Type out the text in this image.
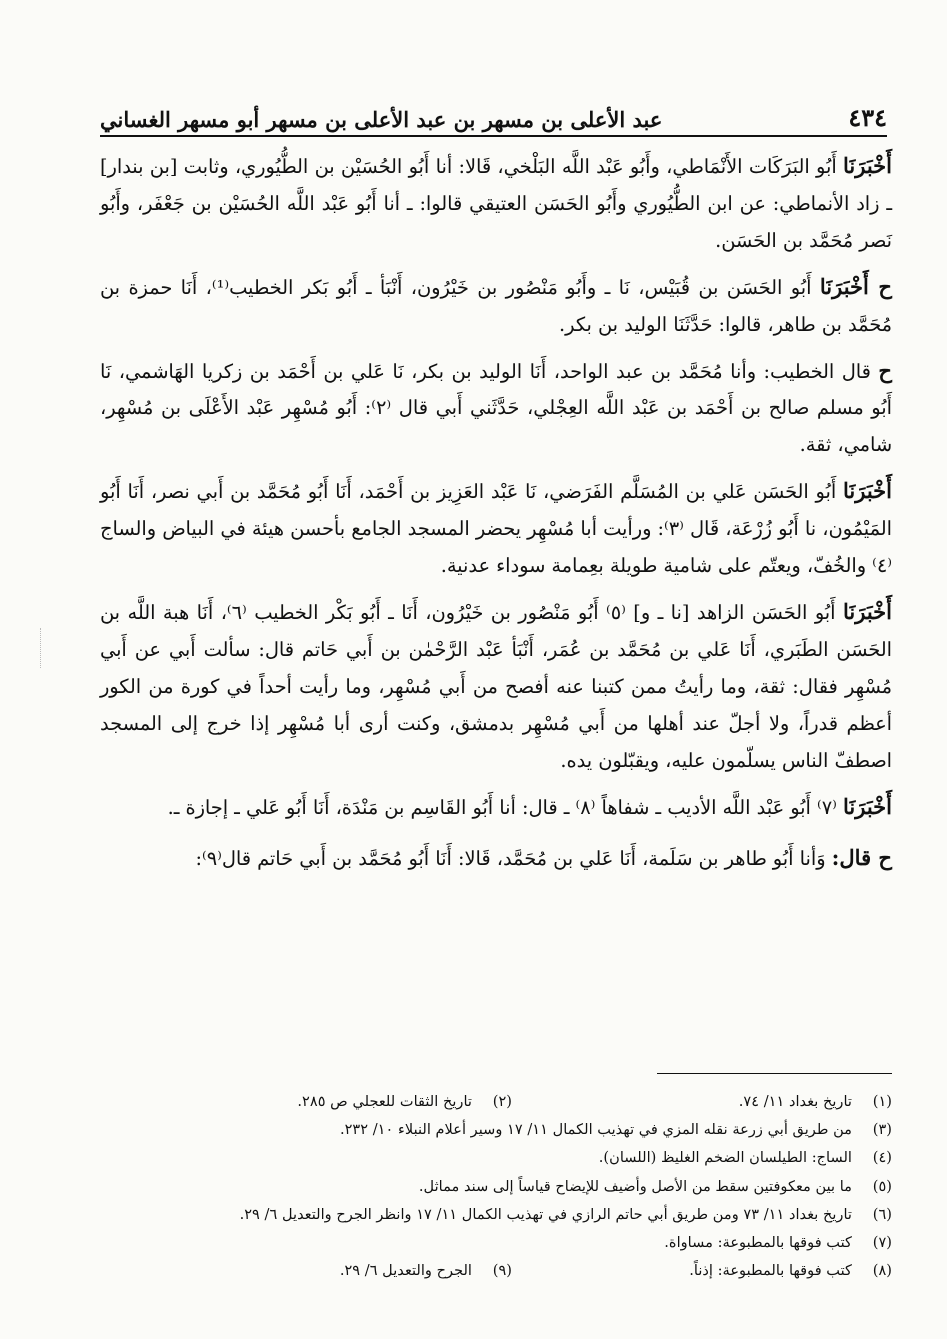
٤٣٤
عبد الأعلى بن مسهر بن عبد الأعلى بن مسهر أبو مسهر الغساني

أَخْبَرَنَا أَبُو البَرَكَات الأَنْمَاطي، وأَبُو عَبْد اللَّه البَلْخي، قَالا: أنا أَبُو الحُسَيْن بن الطُّيُوري، وثابت [بن بندار] ـ زاد الأنماطي: عن ابن الطُّيُوري وأَبُو الحَسَن العتيقي قالوا: ـ أنا أَبُو عَبْد اللَّه الحُسَيْن بن جَعْفَر، وأَبُو نَصر مُحَمَّد بن الحَسَن.

ح أَخْبَرَنَا أَبُو الحَسَن بن قُبَيْس، نَا ـ وأَبُو مَنْصُور بن خَيْرُون، أَنْبَأ ـ أَبُو بَكر الخطيب⁽¹⁾، أَنَا حمزة بن مُحَمَّد بن طاهر، قالوا: حَدَّثَنَا الوليد بن بكر.

ح قال الخطيب: وأنا مُحَمَّد بن عبد الواحد، أَنَا الوليد بن بكر، نَا عَلي بن أَحْمَد بن زكريا الهَاشمي، نَا أَبُو مسلم صالح بن أَحْمَد بن عَبْد اللَّه العِجْلي، حَدَّثَني أَبي قال ⁽٢⁾: أَبُو مُسْهِر عَبْد الأَعْلَى بن مُسْهِر، شامي، ثقة.

أَخْبَرَنَا أَبُو الحَسَن عَلي بن المُسَلَّم الفَرَضي، نَا عَبْد العَزِيز بن أَحْمَد، أَنَا أَبُو مُحَمَّد بن أَبي نصر، أَنَا أَبُو المَيْمُون، نا أَبُو زُرْعَة، قَال ⁽٣⁾: ورأيت أبا مُسْهِر يحضر المسجد الجامع بأحسن هيئة في البياض والساج ⁽٤⁾ والخُفّ، ويعتّم على شامية طويلة بعِمامة سوداء عدنية.

أَخْبَرَنَا أَبُو الحَسَن الزاهد [نا ـ و] ⁽٥⁾ أَبُو مَنْصُور بن خَيْرُون، أَنَا ـ أَبُو بَكْر الخطيب ⁽٦⁾، أَنَا هبة اللَّه بن الحَسَن الطَبَري، أَنَا عَلي بن مُحَمَّد بن عُمَر، أَنْبَأ عَبْد الرَّحْمٰن بن أَبي حَاتم قال: سألت أَبي عن أَبي مُسْهِر فقال: ثقة، وما رأيتُ ممن كتبنا عنه أفصح من أَبي مُسْهِر، وما رأيت أحداً في كورة من الكور أعظم قدراً، ولا أجلّ عند أهلها من أَبي مُسْهِر بدمشق، وكنت أرى أبا مُسْهِر إذا خرج إلى المسجد اصطفّ الناس يسلّمون عليه، ويقبّلون يده.

أَخْبَرَنَا ⁽٧⁾ أَبُو عَبْد اللَّه الأديب ـ شفاهاً ⁽٨⁾ ـ قال: أنا أَبُو القَاسِم بن مَنْدَة، أَنَا أَبُو عَلي ـ إجازة ـ.

ح قال: وَأنا أَبُو طاهر بن سَلَمة، أَنَا عَلي بن مُحَمَّد، قَالا: أَنَا أَبُو مُحَمَّد بن أَبي حَاتم قال⁽٩⁾:

(١)
تاريخ بغداد ١١/ ٧٤.
(٢)
تاريخ الثقات للعجلي ص ٢٨٥.
(٣)
من طريق أبي زرعة نقله المزي في تهذيب الكمال ١١/ ١٧ وسير أعلام النبلاء ١٠/ ٢٣٢.
(٤)
الساج: الطيلسان الضخم الغليظ (اللسان).
(٥)
ما بين معكوفتين سقط من الأصل وأضيف للإيضاح قياساً إلى سند مماثل.
(٦)
تاريخ بغداد ١١/ ٧٣ ومن طريق أبي حاتم الرازي في تهذيب الكمال ١١/ ١٧ وانظر الجرح والتعديل ٦/ ٢٩.
(٧)
كتب فوقها بالمطبوعة: مساواة.
(٨)
كتب فوقها بالمطبوعة: إذناً.
(٩)
الجرح والتعديل ٦/ ٢٩.
